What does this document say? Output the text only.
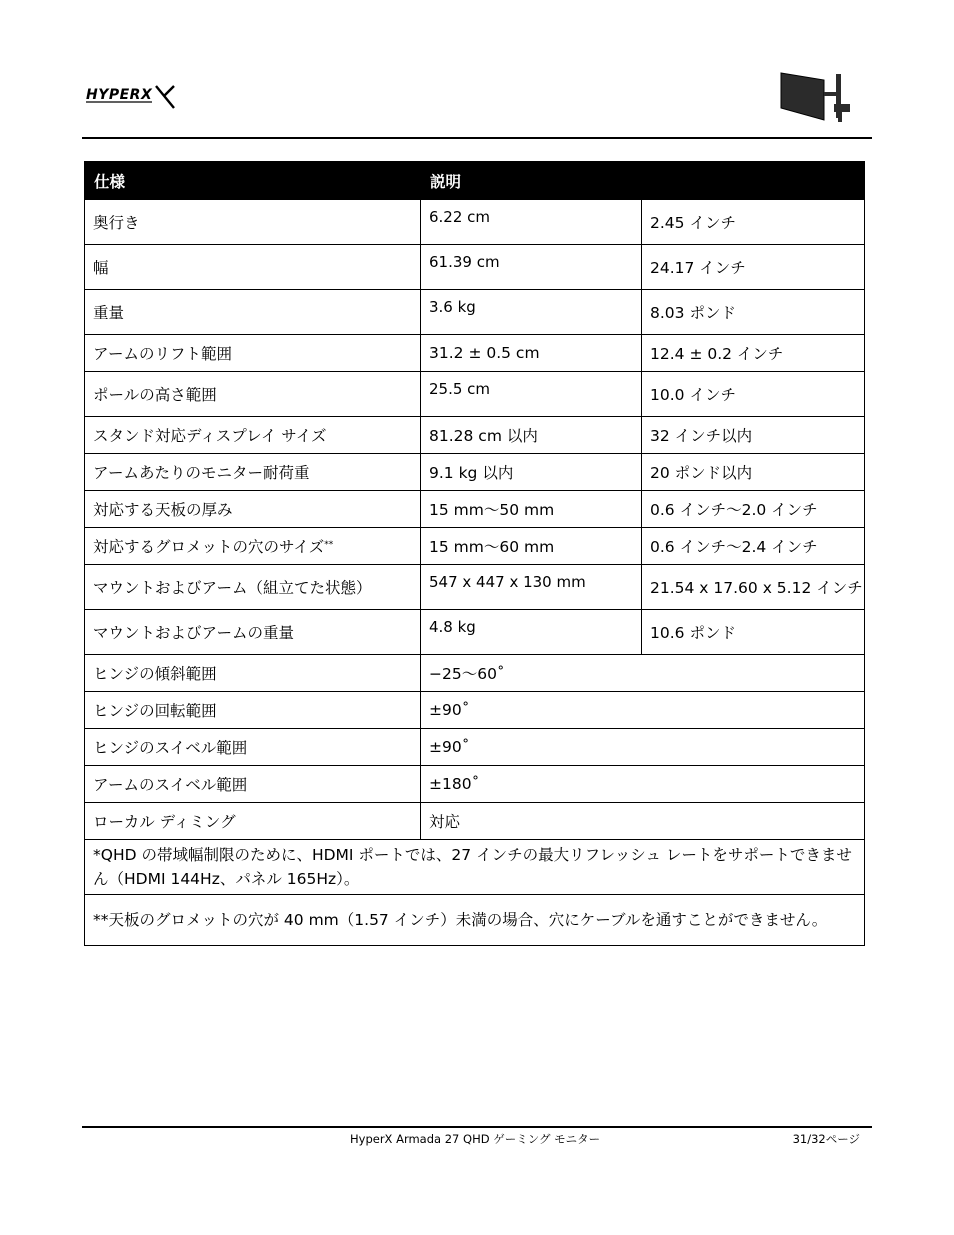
HYPERX
仕様	説明	
奥行き	6.22 cm	2.45 インチ
幅	61.39 cm	24.17 インチ
重量	3.6 kg	8.03 ポンド
アームのリフト範囲	31.2 ± 0.5 cm	12.4 ± 0.2 インチ
ポールの高さ範囲	25.5 cm	10.0 インチ
スタンド対応ディスプレイ サイズ	81.28 cm 以内	32 インチ以内
アームあたりのモニター耐荷重	9.1 kg 以内	20 ポンド以内
対応する天板の厚み	15 mm～50 mm	0.6 インチ～2.0 インチ
対応するグロメットの穴のサイズ**	15 mm～60 mm	0.6 インチ～2.4 インチ
マウントおよびアーム（組立てた状態）	547 x 447 x 130 mm	21.54 x 17.60 x 5.12 インチ
マウントおよびアームの重量	4.8 kg	10.6 ポンド
ヒンジの傾斜範囲	−25～60˚	
ヒンジの回転範囲	±90˚	
ヒンジのスイベル範囲	±90˚	
アームのスイベル範囲	±180˚	
ローカル ディミング	対応	
*QHD の帯域幅制限のために、HDMI ポートでは、27 インチの最大リフレッシュ レートをサポートできません（HDMI 144Hz、パネル 165Hz）。		
**天板のグロメットの穴が 40 mm（1.57 インチ）未満の場合、穴にケーブルを通すことができません。		
HyperX Armada 27 QHD ゲーミング モニター	31/32ページ
